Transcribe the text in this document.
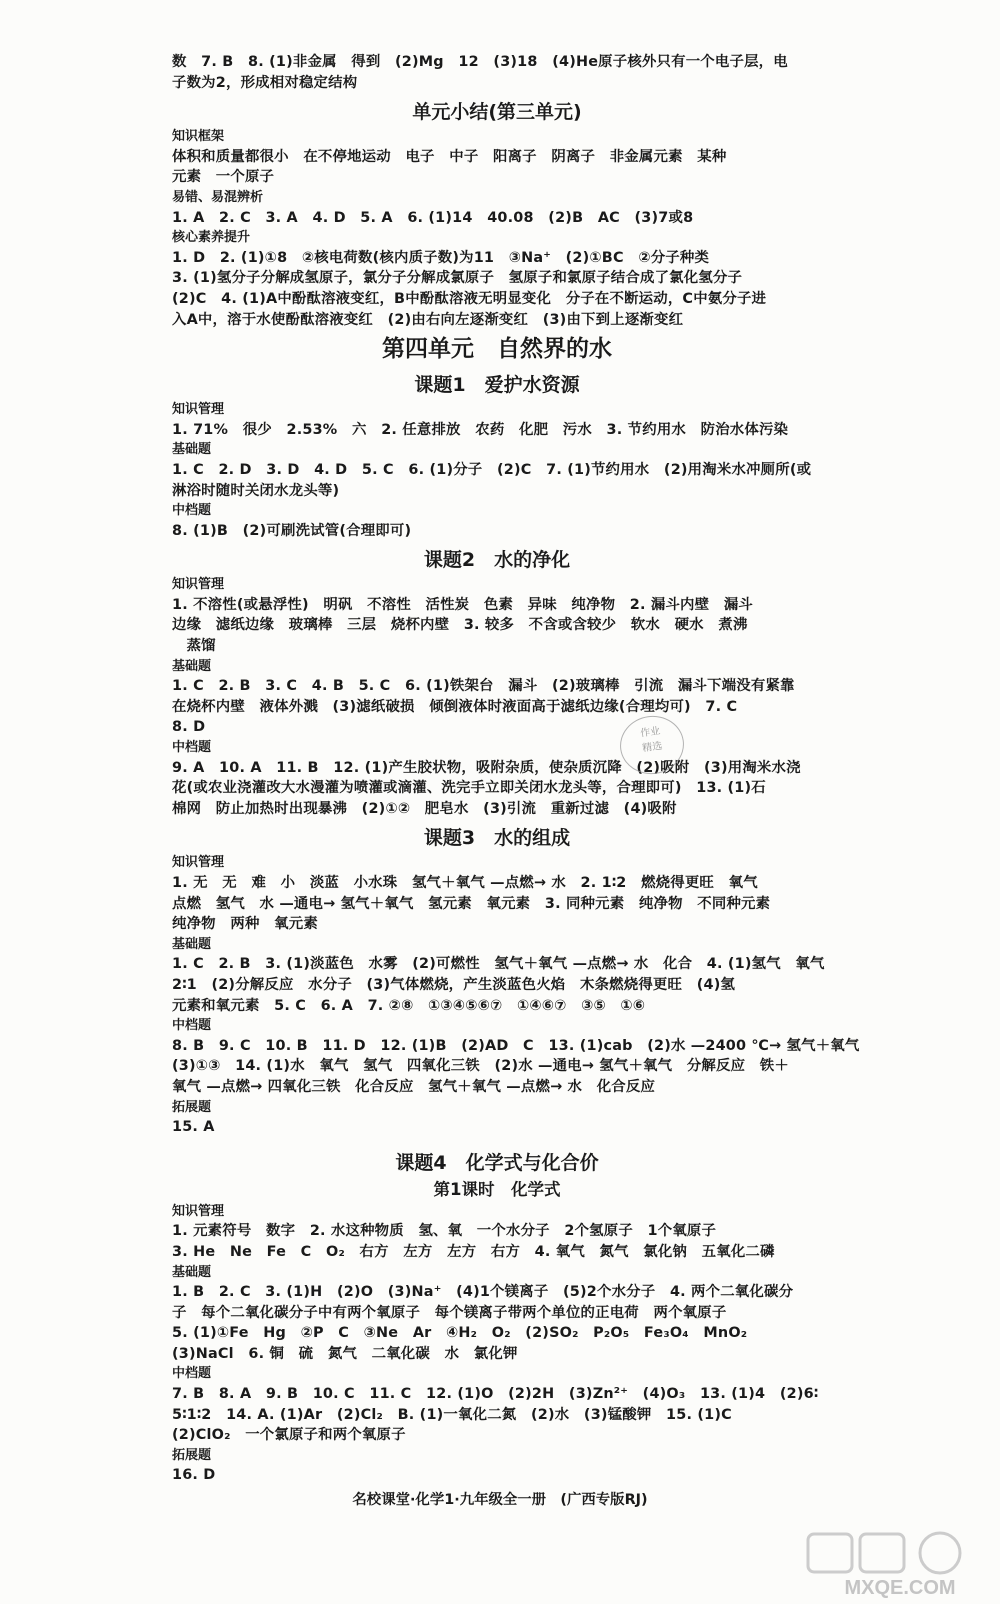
数　7. B　8. (1)非金属　得到　(2)Mg　12　(3)18　(4)He原子核外只有一个电子层，电
子数为2，形成相对稳定结构
单元小结(第三单元)
知识框架
体积和质量都很小　在不停地运动　电子　中子　阳离子　阴离子　非金属元素　某种
元素　一个原子
易错、易混辨析
1. A　2. C　3. A　4. D　5. A　6. (1)14　40.08　(2)B　AC　(3)7或8
核心素养提升
1. D　2. (1)①8　②核电荷数(核内质子数)为11　③Na⁺　(2)①BC　②分子种类
3. (1)氢分子分解成氢原子，氯分子分解成氯原子　氢原子和氯原子结合成了氯化氢分子
(2)C　4. (1)A中酚酞溶液变红，B中酚酞溶液无明显变化　分子在不断运动，C中氨分子进
入A中，溶于水使酚酞溶液变红　(2)由右向左逐渐变红　(3)由下到上逐渐变红
第四单元　自然界的水
课题1　爱护水资源
知识管理
1. 71%　很少　2.53%　六　2. 任意排放　农药　化肥　污水　3. 节约用水　防治水体污染
基础题
1. C　2. D　3. D　4. D　5. C　6. (1)分子　(2)C　7. (1)节约用水　(2)用淘米水冲厕所(或
淋浴时随时关闭水龙头等)
中档题
8. (1)B　(2)可刷洗试管(合理即可)
课题2　水的净化
知识管理
1. 不溶性(或悬浮性)　明矾　不溶性　活性炭　色素　异味　纯净物　2. 漏斗内壁　漏斗
边缘　滤纸边缘　玻璃棒　三层　烧杯内壁　3. 较多　不含或含较少　软水　硬水　煮沸
　蒸馏
基础题
1. C　2. B　3. C　4. B　5. C　6. (1)铁架台　漏斗　(2)玻璃棒　引流　漏斗下端没有紧靠
在烧杯内壁　液体外溅　(3)滤纸破损　倾倒液体时液面高于滤纸边缘(合理均可)　7. C
8. D
中档题
9. A　10. A　11. B　12. (1)产生胶状物，吸附杂质，使杂质沉降　(2)吸附　(3)用淘米水浇
花(或农业浇灌改大水漫灌为喷灌或滴灌、洗完手立即关闭水龙头等，合理即可)　13. (1)石
棉网　防止加热时出现暴沸　(2)①②　肥皂水　(3)引流　重新过滤　(4)吸附
课题3　水的组成
知识管理
1. 无　无　难　小　淡蓝　小水珠　氢气＋氧气 —点燃→ 水　2. 1∶2　燃烧得更旺　氧气
点燃　氢气　水 —通电→ 氢气＋氧气　氢元素　氧元素　3. 同种元素　纯净物　不同种元素
纯净物　两种　氧元素
基础题
1. C　2. B　3. (1)淡蓝色　水雾　(2)可燃性　氢气＋氧气 —点燃→ 水　化合　4. (1)氢气　氧气
2∶1　(2)分解反应　水分子　(3)气体燃烧，产生淡蓝色火焰　木条燃烧得更旺　(4)氢
元素和氧元素　5. C　6. A　7. ②⑧　①③④⑤⑥⑦　①④⑥⑦　③⑤　①⑥
中档题
8. B　9. C　10. B　11. D　12. (1)B　(2)AD　C　13. (1)cab　(2)水 —2400 ℃→ 氢气＋氧气
(3)①③　14. (1)水　氧气　氢气　四氧化三铁　(2)水 —通电→ 氢气＋氧气　分解反应　铁＋
氧气 —点燃→ 四氧化三铁　化合反应　氢气＋氧气 —点燃→ 水　化合反应
拓展题
15. A
课题4　化学式与化合价
第1课时　化学式
知识管理
1. 元素符号　数字　2. 水这种物质　氢、氧　一个水分子　2个氢原子　1个氧原子
3. He　Ne　Fe　C　O₂　右方　左方　左方　右方　4. 氧气　氮气　氯化钠　五氧化二磷
基础题
1. B　2. C　3. (1)H　(2)O　(3)Na⁺　(4)1个镁离子　(5)2个水分子　4. 两个二氧化碳分
子　每个二氧化碳分子中有两个氧原子　每个镁离子带两个单位的正电荷　两个氧原子
5. (1)①Fe　Hg　②P　C　③Ne　Ar　④H₂　O₂　(2)SO₂　P₂O₅　Fe₃O₄　MnO₂
(3)NaCl　6. 铜　硫　氮气　二氧化碳　水　氯化钾
中档题
7. B　8. A　9. B　10. C　11. C　12. (1)O　(2)2H　(3)Zn²⁺　(4)O₃　13. (1)4　(2)6∶
5∶1∶2　14. A. (1)Ar　(2)Cl₂　B. (1)一氧化二氮　(2)水　(3)锰酸钾　15. (1)C
(2)ClO₂　一个氯原子和两个氧原子
拓展题
16. D
作业
精选
名校课堂·化学1·九年级全一册　(广西专版RJ)
MXQE.COM
